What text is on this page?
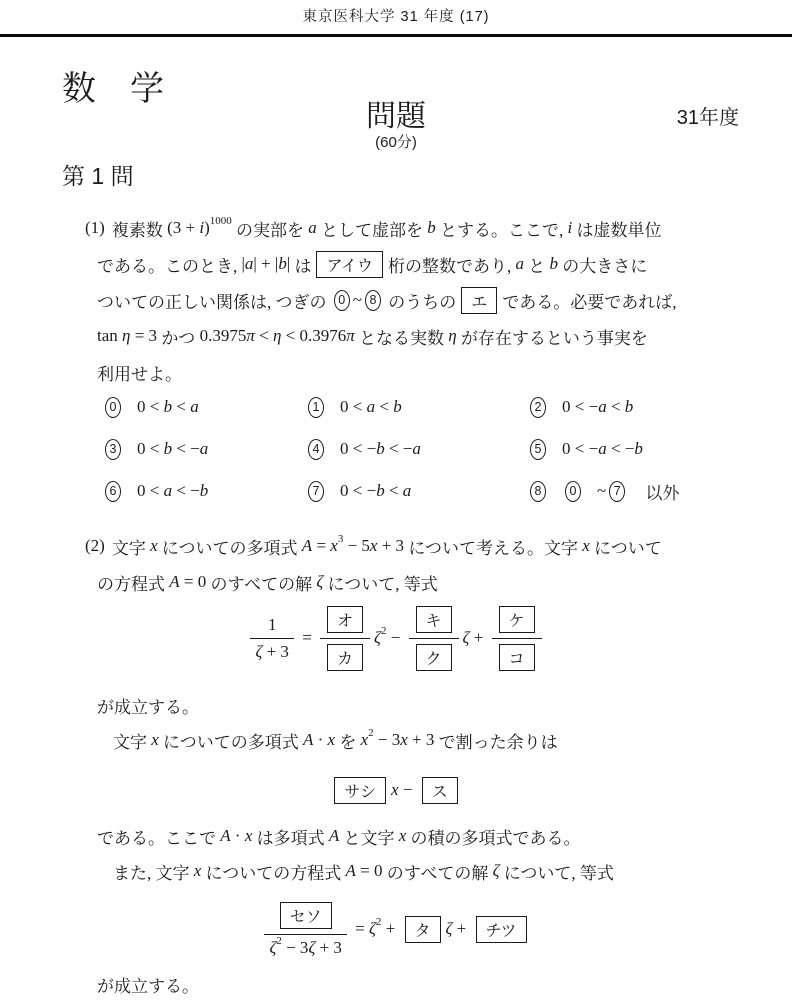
東京医科大学 31 年度 (17)
数　学
問題
(60分)
31年度
第 1 問
(1) 複素数 (3 + i ) 1000 の実部を a として虚部を b とする。ここで, i は虚数単位
である。このとき, | a | + | b | は アイウ 桁の整数であり, a と b の大きさに
ついての正しい関係は, つぎの 0 ~ 8 のうちの エ である。必要であれば,
tan η = 3 かつ 0.3975 π < η < 0.3976 π となる実数 η が存在するという事実を
利用せよ。
0 0 < b < a	1 0 < a < b	2 0 < − a < b
3 0 < b < − a	4 0 < − b < − a	5 0 < − a < − b
6 0 < a < − b	7 0 < − b < a	8	0 ~ 7 以外
(2) 文字 x についての多項式 A = x 3 − 5 x + 3 について考える。文字 x について
の方程式 A = 0 のすべての解 ζ について, 等式
$\frac{1}{\zeta + 3} = \frac{\text{オ}}{\text{カ}}$ ζ $2 - \frac{\text{キ}}{\text{ク}}$ $\zeta + \frac{\text{ケ}}{\text{コ}}$
が成立する。
文字 x についての多項式 A · x を x 2 − 3 x + 3 で割った余りは
サシ x − ス
である。ここで A · x は多項式 A と文字 x の積の多項式である。
また, 文字 x についての方程式 A = 0 のすべての解 ζ について, 等式
$\frac{\text{セソ}}{\zeta 2 - 3 \zeta + 3} = \zeta$ 2 + タ ζ + チツ
が成立する。
